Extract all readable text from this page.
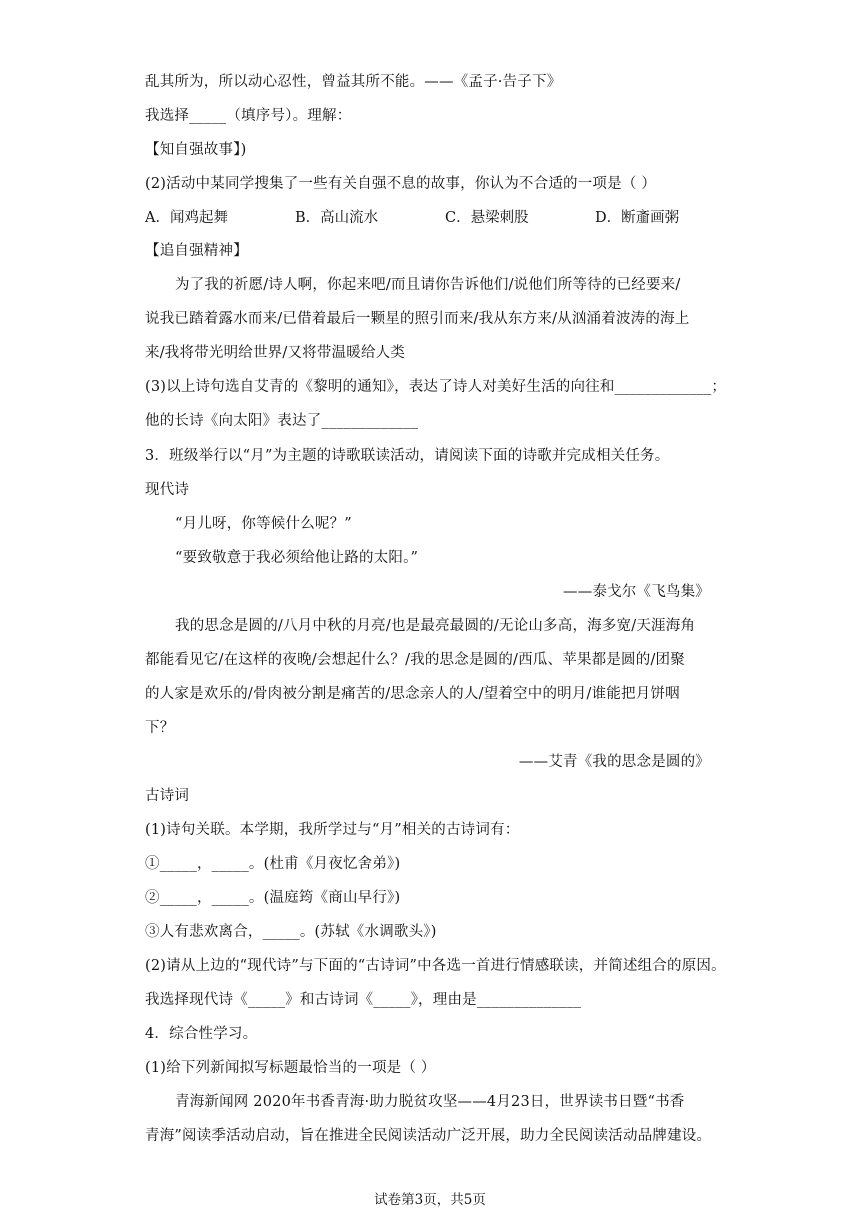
乱其所为，所以动心忍性，曾益其所不能。——《孟子·告子下》
我选择_____（填序号）。理解：
【知自强故事】)
(2)活动中某同学搜集了一些有关自强不息的故事，你认为不合适的一项是（ ）
A．闻鸡起舞	B．高山流水	C．悬梁刺股	D．断齑画粥
【追自强精神】
为了我的祈愿/诗人啊，你起来吧/而且请你告诉他们/说他们所等待的已经要来/
说我已踏着露水而来/已借着最后一颗星的照引而来/我从东方来/从汹涌着波涛的海上
来/我将带光明给世界/又将带温暖给人类
(3)以上诗句选自艾青的《黎明的通知》，表达了诗人对美好生活的向往和_____________；
他的长诗《向太阳》表达了_____________
3．班级举行以“月”为主题的诗歌联读活动，请阅读下面的诗歌并完成相关任务。
现代诗
“月儿呀，你等候什么呢？”
“要致敬意于我必须给他让路的太阳。”
——泰戈尔《飞鸟集》
我的思念是圆的/八月中秋的月亮/也是最亮最圆的/无论山多高，海多宽/天涯海角
都能看见它/在这样的夜晚/会想起什么？/我的思念是圆的/西瓜、苹果都是圆的/团聚
的人家是欢乐的/骨肉被分割是痛苦的/思念亲人的人/望着空中的明月/谁能把月饼咽
下？
——艾青《我的思念是圆的》
古诗词
(1)诗句关联。本学期，我所学过与“月”相关的古诗词有：
①_____，_____。(杜甫《月夜忆舍弟》)
②_____，_____。(温庭筠《商山早行》)
③人有悲欢离合，_____。(苏轼《水调歌头》)
(2)请从上边的“现代诗”与下面的“古诗词”中各选一首进行情感联读，并简述组合的原因。
我选择现代诗《_____》和古诗词《_____》，理由是______________
4．综合性学习。
(1)给下列新闻拟写标题最恰当的一项是（ ）
青海新闻网 2020年书香青海·助力脱贫攻坚——4月23日，世界读书日暨“书香
青海”阅读季活动启动，旨在推进全民阅读活动广泛开展，助力全民阅读活动品牌建设。
试卷第3页，共5页
